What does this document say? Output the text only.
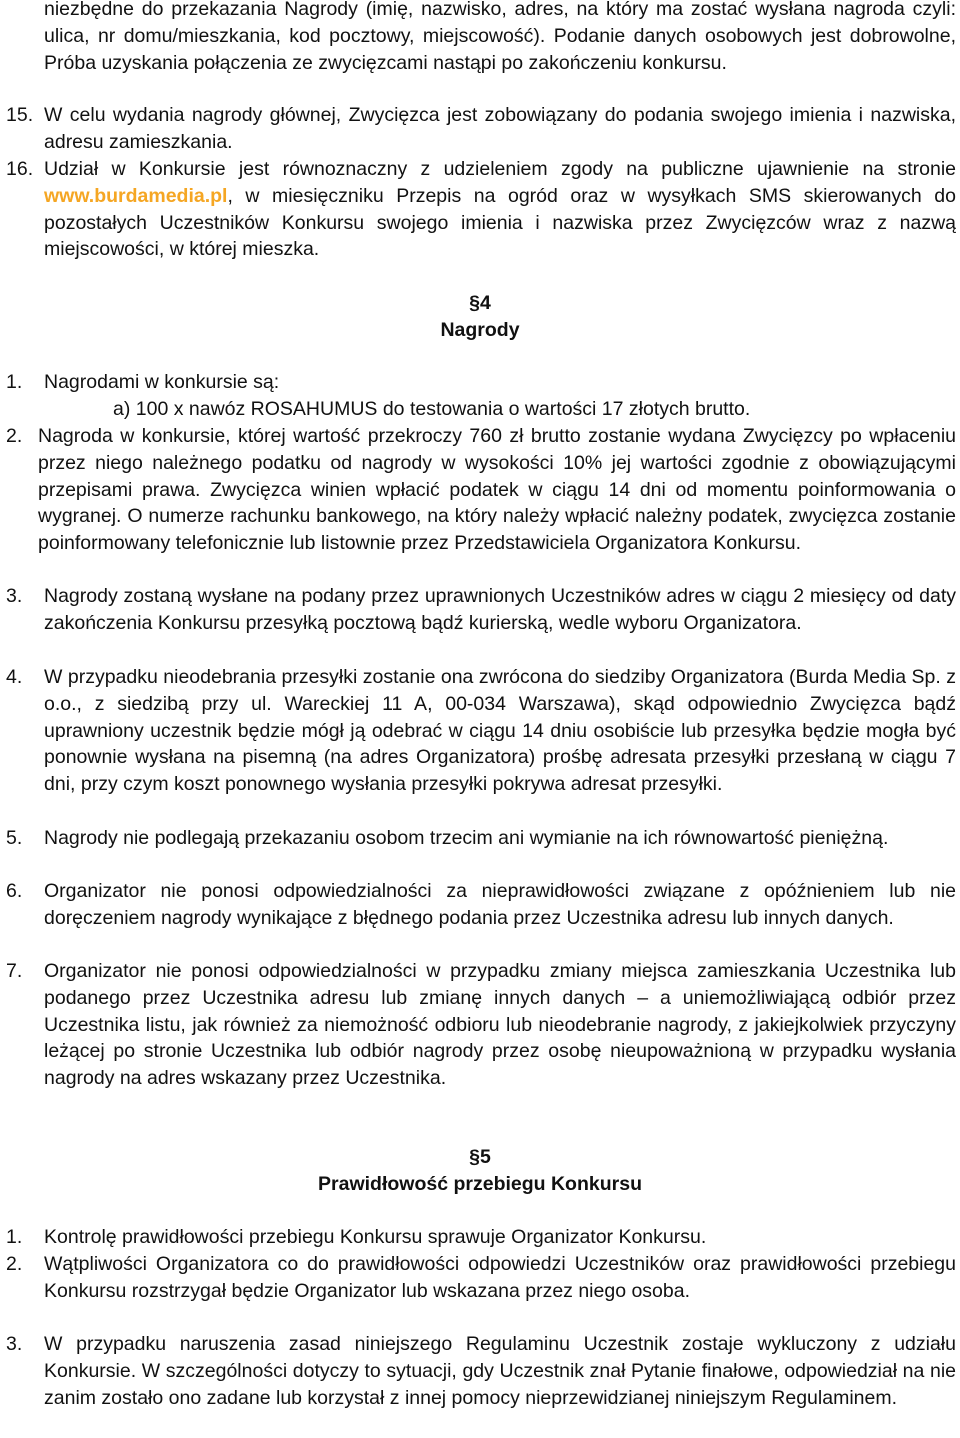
niezbędne do przekazania Nagrody (imię, nazwisko, adres, na który ma zostać wysłana nagroda czyli: ulica, nr domu/mieszkania, kod pocztowy, miejscowość). Podanie danych osobowych jest dobrowolne, Próba uzyskania połączenia ze zwycięzcami nastąpi po zakończeniu konkursu.
15. W celu wydania nagrody głównej, Zwycięzca jest zobowiązany do podania swojego imienia i nazwiska, adresu zamieszkania.
16. Udział w Konkursie jest równoznaczny z udzieleniem zgody na publiczne ujawnienie na stronie www.burdamedia.pl, w miesięczniku Przepis na ogród oraz w wysyłkach SMS skierowanych do pozostałych Uczestników Konkursu swojego imienia i nazwiska przez Zwycięzców wraz z nazwą miejscowości, w której mieszka.
§4
Nagrody
1. Nagrodami w konkursie są:
a) 100 x nawóz ROSAHUMUS do testowania o wartości 17 złotych brutto.
2. Nagroda w konkursie, której wartość przekroczy 760 zł brutto zostanie wydana Zwycięzcy po wpłaceniu przez niego należnego podatku od nagrody w wysokości 10% jej wartości zgodnie z obowiązującymi przepisami prawa. Zwycięzca winien wpłacić podatek w ciągu 14 dni od momentu poinformowania o wygranej. O numerze rachunku bankowego, na który należy wpłacić należny podatek, zwycięzca zostanie poinformowany telefonicznie lub listownie przez Przedstawiciela Organizatora Konkursu.
3. Nagrody zostaną wysłane na podany przez uprawnionych Uczestników adres w ciągu 2 miesięcy od daty zakończenia Konkursu przesyłką pocztową bądź kurierską, wedle wyboru Organizatora.
4. W przypadku nieodebrania przesyłki zostanie ona zwrócona do siedziby Organizatora (Burda Media Sp. z o.o., z siedzibą przy ul. Wareckiej 11 A, 00-034 Warszawa), skąd odpowiednio Zwycięzca bądź uprawniony uczestnik będzie mógł ją odebrać w ciągu 14 dniu osobiście lub przesyłka będzie mogła być ponownie wysłana na pisemną (na adres Organizatora) prośbę adresata przesyłki przesłaną w ciągu 7 dni, przy czym koszt ponownego wysłania przesyłki pokrywa adresat przesyłki.
5. Nagrody nie podlegają przekazaniu osobom trzecim ani wymianie na ich równowartość pieniężną.
6. Organizator nie ponosi odpowiedzialności za nieprawidłowości związane z opóźnieniem lub nie doręczeniem nagrody wynikające z błędnego podania przez Uczestnika adresu lub innych danych.
7. Organizator nie ponosi odpowiedzialności w przypadku zmiany miejsca zamieszkania Uczestnika lub podanego przez Uczestnika adresu lub zmianę innych danych – a uniemożliwiającą odbiór przez Uczestnika listu, jak również za niemożność odbioru lub nieodebranie nagrody, z jakiejkolwiek przyczyny leżącej po stronie Uczestnika lub odbiór nagrody przez osobę nieupoważnioną w przypadku wysłania nagrody na adres wskazany przez Uczestnika.
§5
Prawidłowość przebiegu Konkursu
1. Kontrolę prawidłowości przebiegu Konkursu sprawuje Organizator Konkursu.
2. Wątpliwości Organizatora co do prawidłowości odpowiedzi Uczestników oraz prawidłowości przebiegu Konkursu rozstrzygał będzie Organizator lub wskazana przez niego osoba.
3. W przypadku naruszenia zasad niniejszego Regulaminu Uczestnik zostaje wykluczony z udziału Konkursie. W szczególności dotyczy to sytuacji, gdy Uczestnik znał Pytanie finałowe, odpowiedział na nie zanim zostało ono zadane lub korzystał z innej pomocy nieprzewidzianej niniejszym Regulaminem.
